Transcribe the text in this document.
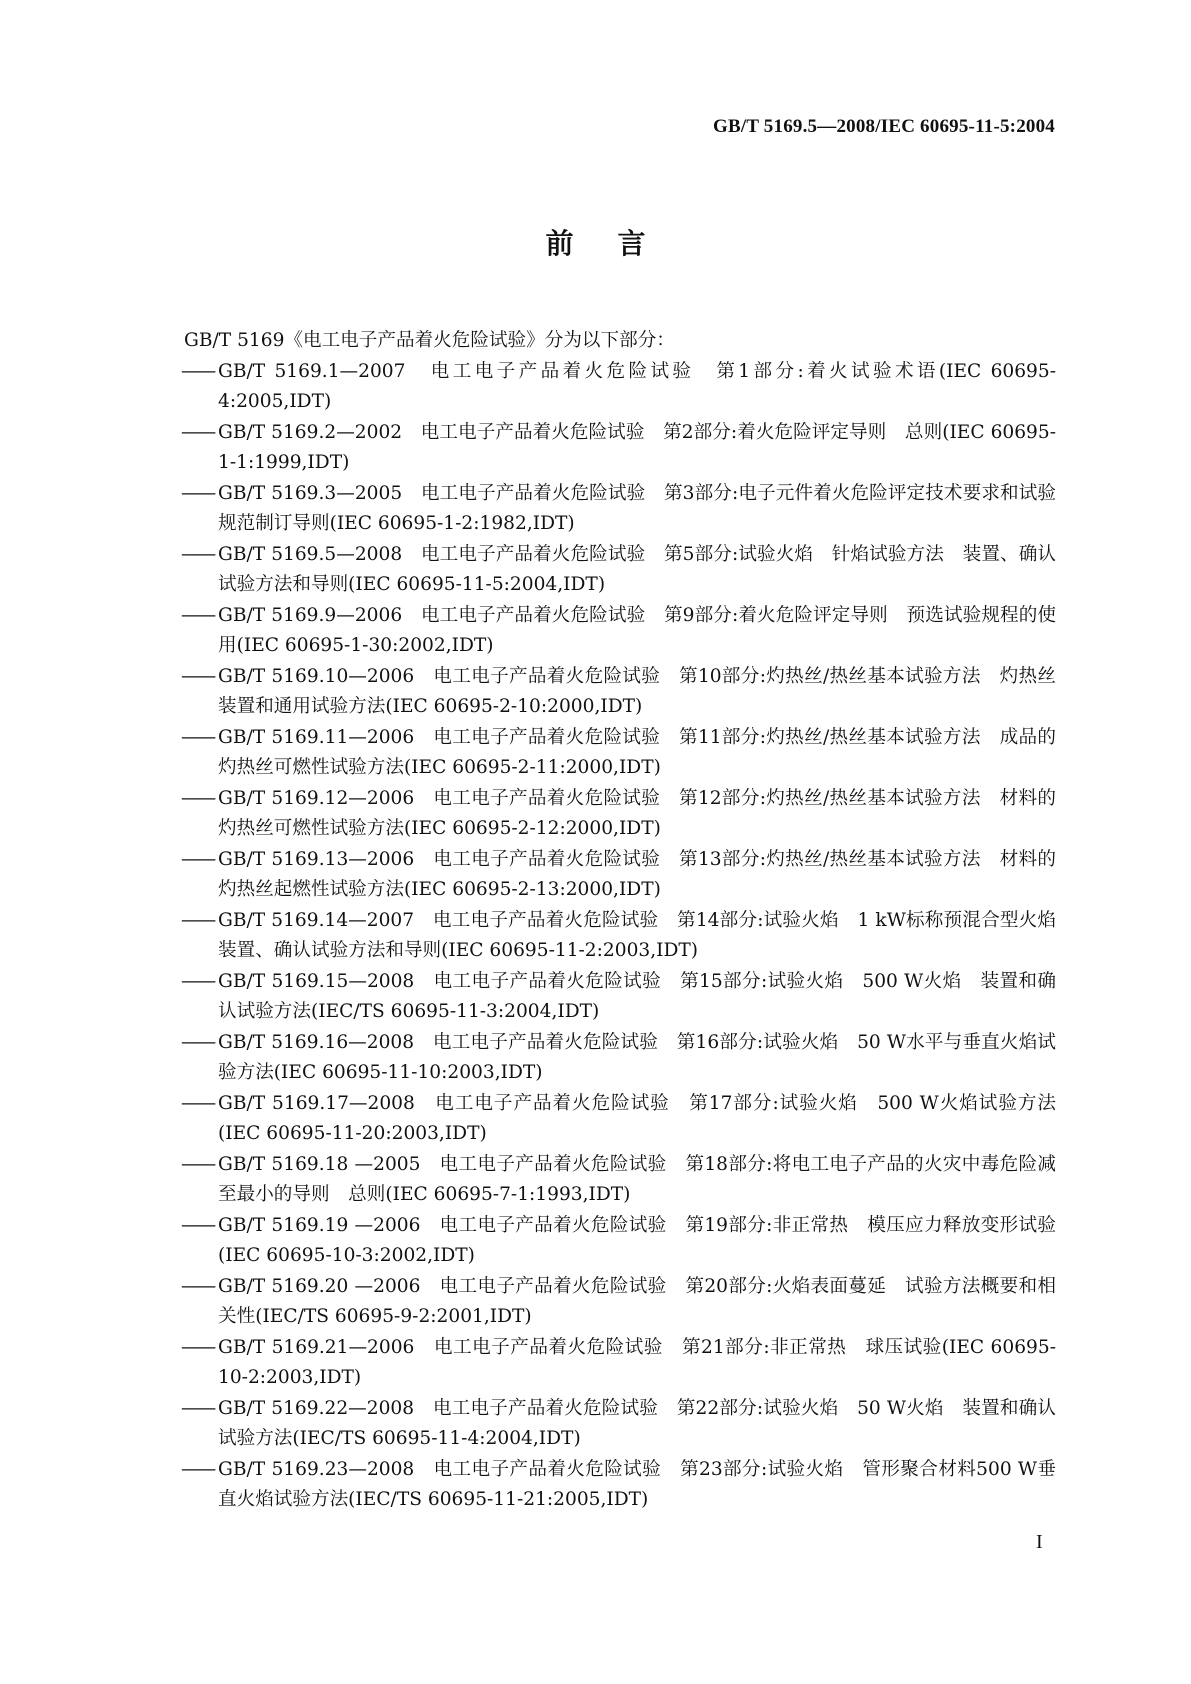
GB/T 5169.5—2008/IEC 60695-11-5:2004
前言

GB/T 5169《电工电子产品着火危险试验》分为以下部分：

—— GB/T 5169.1—2007　电工电子产品着火危险试验　第1部分:着火试验术语(IEC 60695-4:2005,IDT)
—— GB/T 5169.2—2002　电工电子产品着火危险试验　第2部分:着火危险评定导则　总则(IEC 60695-1-1:1999,IDT)
—— GB/T 5169.3—2005　电工电子产品着火危险试验　第3部分:电子元件着火危险评定技术要求和试验规范制订导则(IEC 60695-1-2:1982,IDT)
—— GB/T 5169.5—2008　电工电子产品着火危险试验　第5部分:试验火焰　针焰试验方法　装置、确认试验方法和导则(IEC 60695-11-5:2004,IDT)
—— GB/T 5169.9—2006　电工电子产品着火危险试验　第9部分:着火危险评定导则　预选试验规程的使用(IEC 60695-1-30:2002,IDT)
—— GB/T 5169.10—2006　电工电子产品着火危险试验　第10部分:灼热丝/热丝基本试验方法　灼热丝装置和通用试验方法(IEC 60695-2-10:2000,IDT)
—— GB/T 5169.11—2006　电工电子产品着火危险试验　第11部分:灼热丝/热丝基本试验方法　成品的灼热丝可燃性试验方法(IEC 60695-2-11:2000,IDT)
—— GB/T 5169.12—2006　电工电子产品着火危险试验　第12部分:灼热丝/热丝基本试验方法　材料的灼热丝可燃性试验方法(IEC 60695-2-12:2000,IDT)
—— GB/T 5169.13—2006　电工电子产品着火危险试验　第13部分:灼热丝/热丝基本试验方法　材料的灼热丝起燃性试验方法(IEC 60695-2-13:2000,IDT)
—— GB/T 5169.14—2007　电工电子产品着火危险试验　第14部分:试验火焰　1 kW标称预混合型火焰　装置、确认试验方法和导则(IEC 60695-11-2:2003,IDT)
—— GB/T 5169.15—2008　电工电子产品着火危险试验　第15部分:试验火焰　500 W火焰　装置和确认试验方法(IEC/TS 60695-11-3:2004,IDT)
—— GB/T 5169.16—2008　电工电子产品着火危险试验　第16部分:试验火焰　50 W水平与垂直火焰试验方法(IEC 60695-11-10:2003,IDT)
—— GB/T 5169.17—2008　电工电子产品着火危险试验　第17部分:试验火焰　500 W火焰试验方法(IEC 60695-11-20:2003,IDT)
—— GB/T 5169.18 —2005　电工电子产品着火危险试验　第18部分:将电工电子产品的火灾中毒危险减至最小的导则　总则(IEC 60695-7-1:1993,IDT)
—— GB/T 5169.19 —2006　电工电子产品着火危险试验　第19部分:非正常热　模压应力释放变形试验(IEC 60695-10-3:2002,IDT)
—— GB/T 5169.20 —2006　电工电子产品着火危险试验　第20部分:火焰表面蔓延　试验方法概要和相关性(IEC/TS 60695-9-2:2001,IDT)
—— GB/T 5169.21—2006　电工电子产品着火危险试验　第21部分:非正常热　球压试验(IEC 60695-10-2:2003,IDT)
—— GB/T 5169.22—2008　电工电子产品着火危险试验　第22部分:试验火焰　50 W火焰　装置和确认试验方法(IEC/TS 60695-11-4:2004,IDT)
—— GB/T 5169.23—2008　电工电子产品着火危险试验　第23部分:试验火焰　管形聚合材料500 W垂直火焰试验方法(IEC/TS 60695-11-21:2005,IDT)
I
